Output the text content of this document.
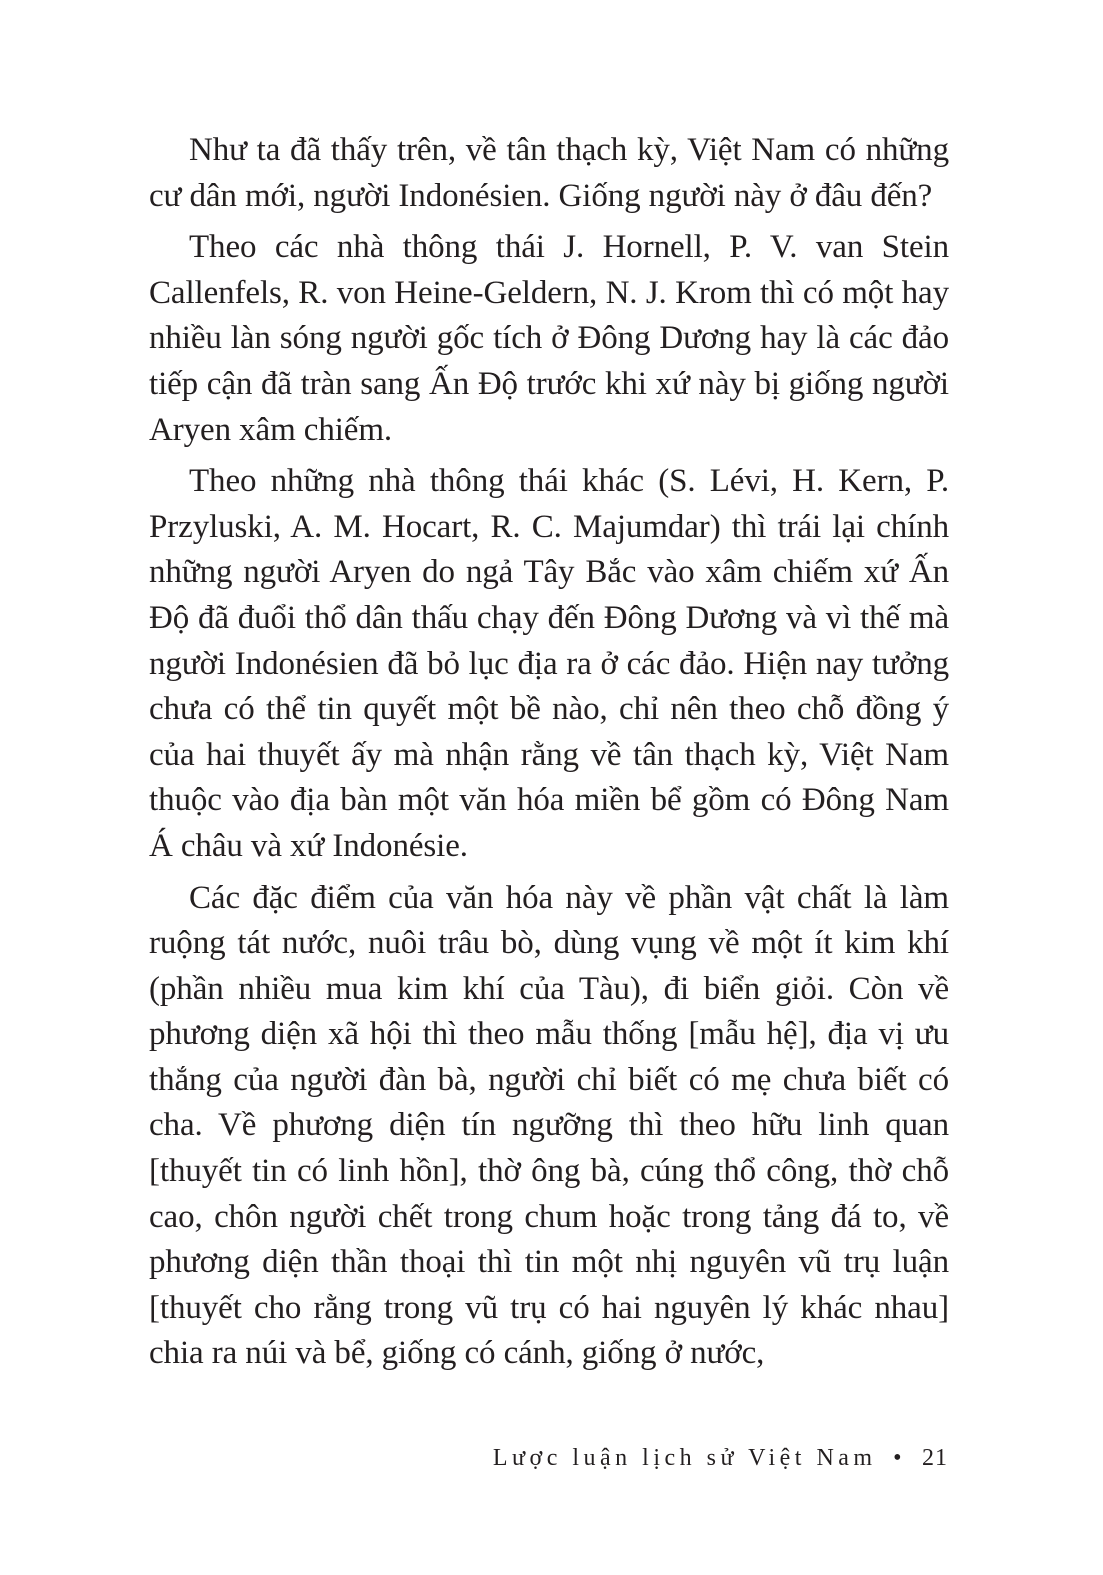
Như ta đã thấy trên, về tân thạch kỳ, Việt Nam có những cư dân mới, người Indonésien. Giống người này ở đâu đến?

Theo các nhà thông thái J. Hornell, P. V. van Stein Callenfels, R. von Heine-Geldern, N. J. Krom thì có một hay nhiều làn sóng người gốc tích ở Đông Dương hay là các đảo tiếp cận đã tràn sang Ấn Độ trước khi xứ này bị giống người Aryen xâm chiếm.

Theo những nhà thông thái khác (S. Lévi, H. Kern, P. Przyluski, A. M. Hocart, R. C. Majumdar) thì trái lại chính những người Aryen do ngả Tây Bắc vào xâm chiếm xứ Ấn Độ đã đuổi thổ dân thấu chạy đến Đông Dương và vì thế mà người Indonésien đã bỏ lục địa ra ở các đảo. Hiện nay tưởng chưa có thể tin quyết một bề nào, chỉ nên theo chỗ đồng ý của hai thuyết ấy mà nhận rằng về tân thạch kỳ, Việt Nam thuộc vào địa bàn một văn hóa miền bể gồm có Đông Nam Á châu và xứ Indonésie.

Các đặc điểm của văn hóa này về phần vật chất là làm ruộng tát nước, nuôi trâu bò, dùng vụng về một ít kim khí (phần nhiều mua kim khí của Tàu), đi biển giỏi. Còn về phương diện xã hội thì theo mẫu thống [mẫu hệ], địa vị ưu thắng của người đàn bà, người chỉ biết có mẹ chưa biết có cha. Về phương diện tín ngưỡng thì theo hữu linh quan [thuyết tin có linh hồn], thờ ông bà, cúng thổ công, thờ chỗ cao, chôn người chết trong chum hoặc trong tảng đá to, về phương diện thần thoại thì tin một nhị nguyên vũ trụ luận [thuyết cho rằng trong vũ trụ có hai nguyên lý khác nhau] chia ra núi và bể, giống có cánh, giống ở nước,

Lược luận lịch sử Việt Nam • 21
